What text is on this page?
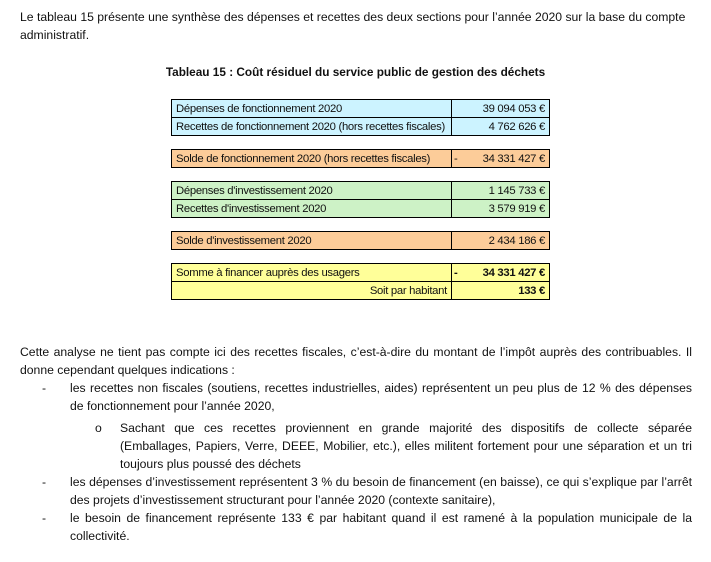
Le tableau 15 présente une synthèse des dépenses et recettes des deux sections pour l’année 2020 sur la base du compte administratif.
Tableau 15 : Coût résiduel du service public de gestion des déchets
Dépenses de fonctionnement 2020		39 094 053 €
Recettes de fonctionnement 2020 (hors recettes fiscales)		4 762 626 €

Solde de fonctionnement 2020 (hors recettes fiscales)	-	34 331 427 €

Dépenses d'investissement 2020		1 145 733 €
Recettes d'investissement 2020		3 579 919 €

Solde d'investissement 2020		2 434 186 €

Somme à financer auprès des usagers	-	34 331 427 €
Soit par habitant		133 €

Cette analyse ne tient pas compte ici des recettes fiscales, c’est-à-dire du montant de l’impôt auprès des contribuables. Il donne cependant quelques indications :

- les recettes non fiscales (soutiens, recettes industrielles, aides) représentent un peu plus de 12 % des dépenses de fonctionnement pour l’année 2020,
o Sachant que ces recettes proviennent en grande majorité des dispositifs de collecte séparée (Emballages, Papiers, Verre, DEEE, Mobilier, etc.), elles militent fortement pour une séparation et un tri toujours plus poussé des déchets
- les dépenses d’investissement représentent 3 % du besoin de financement (en baisse), ce qui s’explique par l’arrêt des projets d’investissement structurant pour l’année 2020 (contexte sanitaire),
- le besoin de financement représente 133 € par habitant quand il est ramené à la population municipale de la collectivité.
